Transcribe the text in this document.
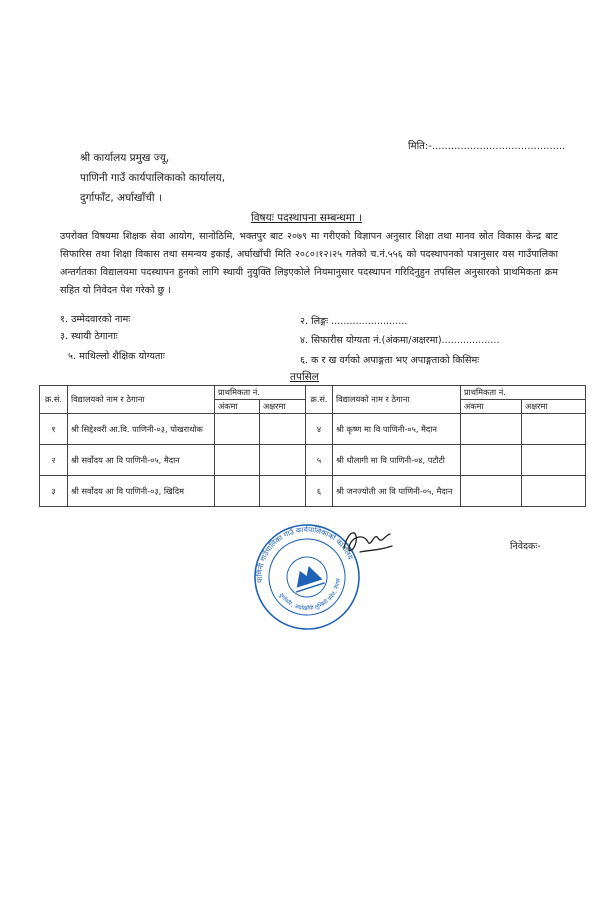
मिति:-..........................................
श्री कार्यालय प्रमुख ज्यू,
पाणिनी गाउँ कार्यपालिकाको कार्यालय,
दुर्गाफाँट, अर्घाखाँची ।
विषयः पदस्थापना सम्बन्धमा ।
उपरोक्त विषयमा शिक्षक सेवा आयोग, सानोठिमि, भक्तपुर बाट २०७९ मा गरीएको विज्ञापन अनुसार शिक्षा तथा मानव स्रोत विकास केन्द्र बाट सिफारिस तथा शिक्षा विकास तथा समन्वय इकाई, अर्घाखाँची मिति २०८०।१२।२५ गतेको च.नं.५५६ को पदस्थापनको पत्रानुसार यस गाउँपालिका अन्तर्गतका विद्यालयमा पदस्थापन हुनको लागि स्थायी नुयुक्ति लिइएकोले नियमानुसार पदस्थापन गरिदिनुहुन तपसिल अनुसारको प्राथमिकता क्रम सहित यो निवेदन पेश गरेको छु ।
१. उम्मेदवारको नामः	२. लिङ्गः .........................
३. स्थायी ठेगानाः	४. सिफारीस योग्यता नं.(अंकमा/अक्षरमा)...................
५. माथिल्लो शैक्षिक योग्यताः	६. क र ख वर्गको अपाङ्गता भए अपाङ्गताको किसिमः
तपसिल
क्र.सं.	विद्यालयको नाम र ठेगाना	प्राथमिकता नं.		क्र.सं.	विद्यालयको नाम र ठेगाना	प्राथमिकता नं.	
		अंकमा	अक्षरमा			अंकमा	अक्षरमा
१	श्री सिद्देश्वरी आ.वि. पाणिनी-०३, पोखराथोक			४	श्री कृष्ण मा वि पाणिनी-०५, मैदान		
२	श्री सर्वोदय आ वि पाणिनी-०५, मैदान			५	श्री धौलागी मा वि पाणिनी-०४, पटौटी		
३	श्री सर्वोदय आ वि पाणिनी-०३, खिदिम			६	श्री जनज्योती आ वि पाणिनी-०५, मैदान		
पाणिनी गाउँपालिका गाउँ कार्यपालिकाको कार्यालय
दुर्गाफाँट, अर्घाखाँची लुम्बिनी प्रदेश, नेपाल
निवेदकः-
